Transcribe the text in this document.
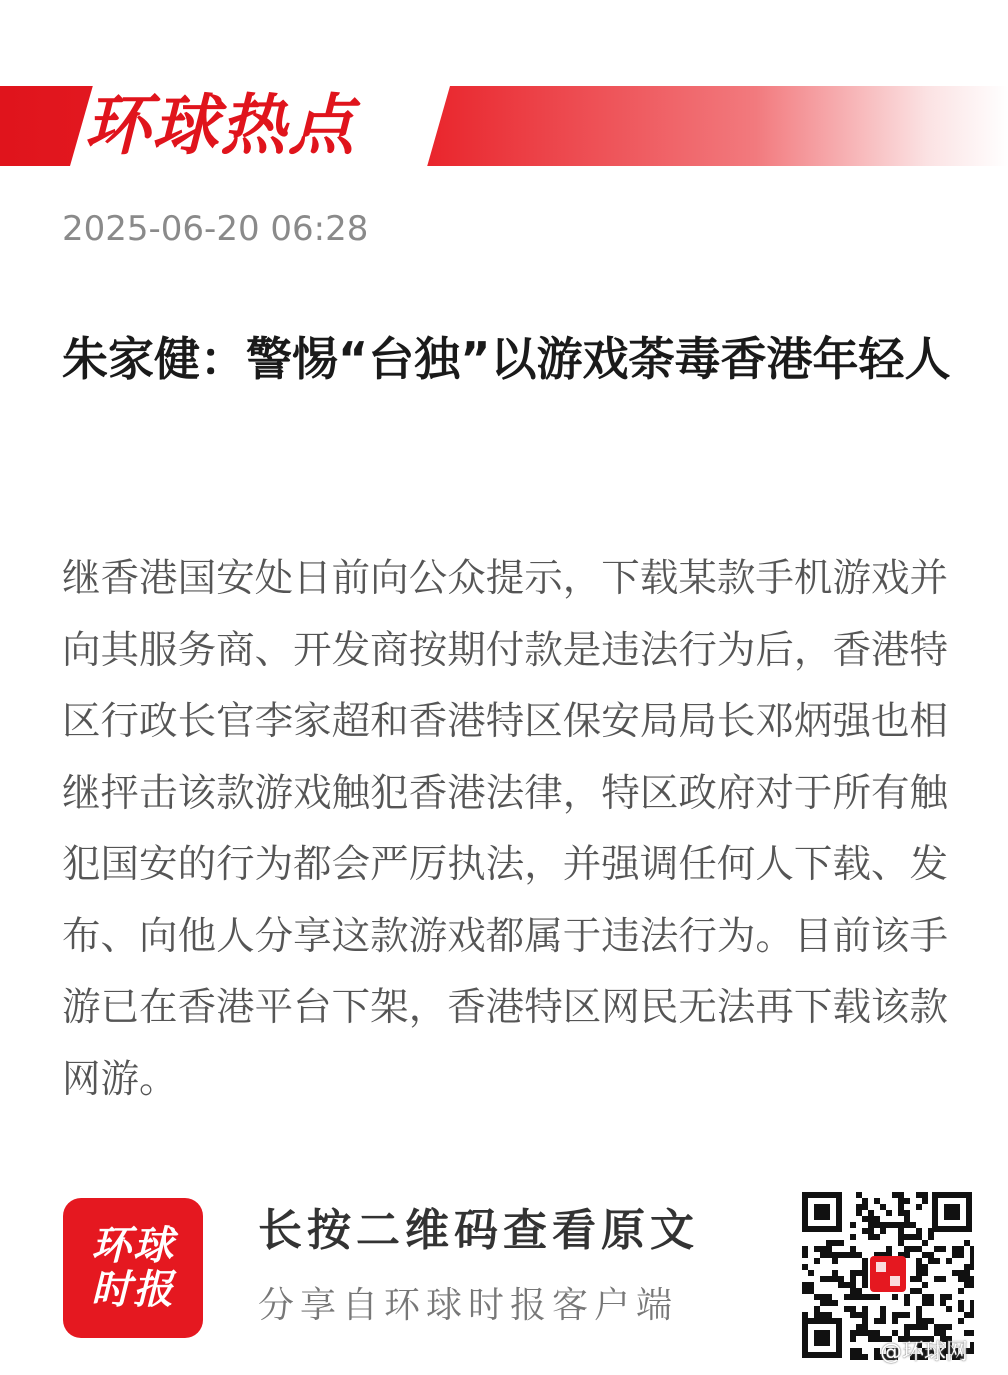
环球热点
2025-06-20 06:28
朱家健：警惕“台独”以游戏荼毒香港年轻人
继香港国安处日前向公众提示，下载某款手机游戏并向其服务商、开发商按期付款是违法行为后，香港特区行政长官李家超和香港特区保安局局长邓炳强也相继抨击该款游戏触犯香港法律，特区政府对于所有触犯国安的行为都会严厉执法，并强调任何人下载、发布、向他人分享这款游戏都属于违法行为。目前该手游已在香港平台下架，香港特区网民无法再下载该款网游。
环球
时报
长按二维码查看原文
分享自环球时报客户端
@环球网
